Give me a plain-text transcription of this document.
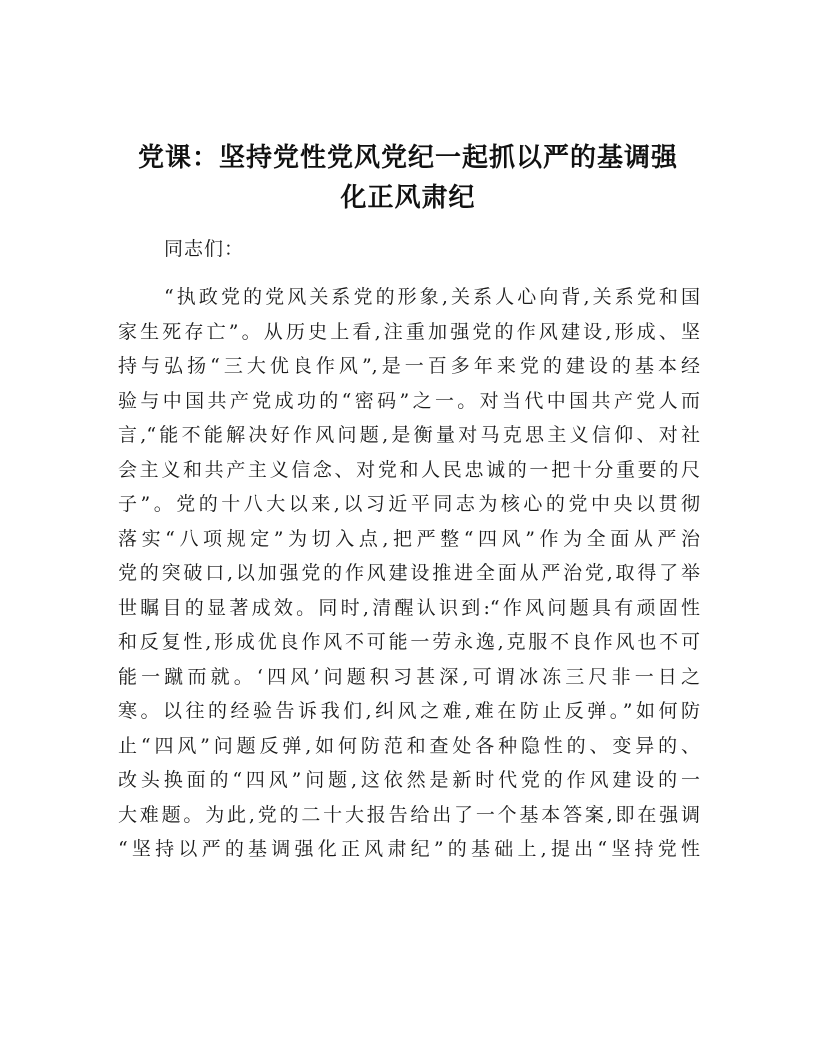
党课：坚持党性党风党纪一起抓以严的基调强
化正风肃纪
同志们：
“执政党的党风关系党的形象,关系人心向背,关系党和国
家生死存亡”。从历史上看,注重加强党的作风建设,形成、坚
持与弘扬“三大优良作风”,是一百多年来党的建设的基本经
验与中国共产党成功的“密码”之一。对当代中国共产党人而
言,“能不能解决好作风问题,是衡量对马克思主义信仰、对社
会主义和共产主义信念、对党和人民忠诚的一把十分重要的尺
子”。党的十八大以来,以习近平同志为核心的党中央以贯彻
落实“八项规定”为切入点,把严整“四风”作为全面从严治
党的突破口,以加强党的作风建设推进全面从严治党,取得了举
世瞩目的显著成效。同时,清醒认识到:“作风问题具有顽固性
和反复性,形成优良作风不可能一劳永逸,克服不良作风也不可
能一蹴而就。‘四风’问题积习甚深,可谓冰冻三尺非一日之
寒。以往的经验告诉我们,纠风之难,难在防止反弹。”如何防
止“四风”问题反弹,如何防范和查处各种隐性的、变异的、
改头换面的“四风”问题,这依然是新时代党的作风建设的一
大难题。为此,党的二十大报告给出了一个基本答案,即在强调
“坚持以严的基调强化正风肃纪”的基础上,提出“坚持党性
